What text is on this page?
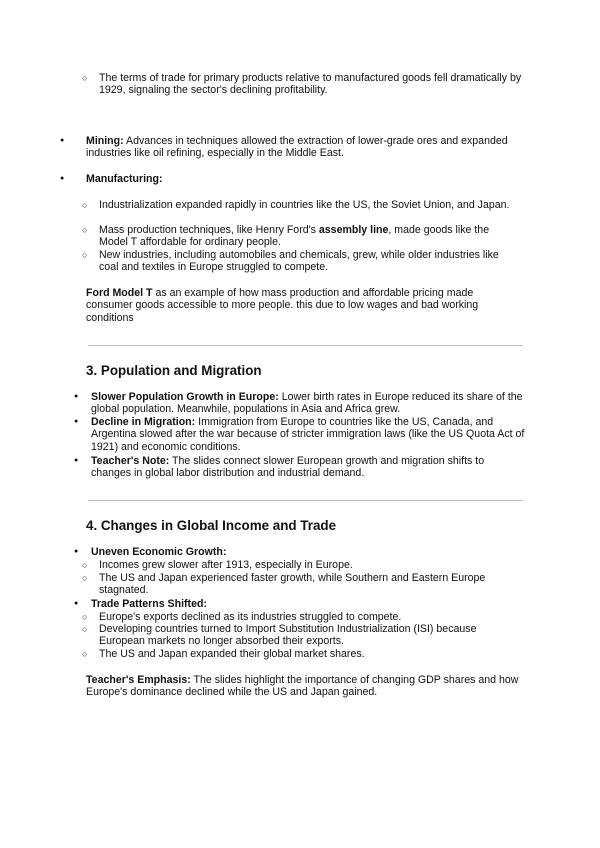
○ The terms of trade for primary products relative to manufactured goods fell dramatically by 1929, signaling the sector's declining profitability.
● Mining: Advances in techniques allowed the extraction of lower-grade ores and expanded industries like oil refining, especially in the Middle East.
● Manufacturing:
○ Industrialization expanded rapidly in countries like the US, the Soviet Union, and Japan.
○ Mass production techniques, like Henry Ford's assembly line, made goods like the Model T affordable for ordinary people.
○ New industries, including automobiles and chemicals, grew, while older industries like coal and textiles in Europe struggled to compete.
Ford Model T as an example of how mass production and affordable pricing made consumer goods accessible to more people. this due to low wages and bad working conditions
3. Population and Migration
● Slower Population Growth in Europe: Lower birth rates in Europe reduced its share of the global population. Meanwhile, populations in Asia and Africa grew.
● Decline in Migration: Immigration from Europe to countries like the US, Canada, and Argentina slowed after the war because of stricter immigration laws (like the US Quota Act of 1921) and economic conditions.
● Teacher's Note: The slides connect slower European growth and migration shifts to changes in global labor distribution and industrial demand.
4. Changes in Global Income and Trade
● Uneven Economic Growth:
○ Incomes grew slower after 1913, especially in Europe.
○ The US and Japan experienced faster growth, while Southern and Eastern Europe stagnated.
● Trade Patterns Shifted:
○ Europe's exports declined as its industries struggled to compete.
○ Developing countries turned to Import Substitution Industrialization (ISI) because European markets no longer absorbed their exports.
○ The US and Japan expanded their global market shares.
Teacher's Emphasis: The slides highlight the importance of changing GDP shares and how Europe's dominance declined while the US and Japan gained.
